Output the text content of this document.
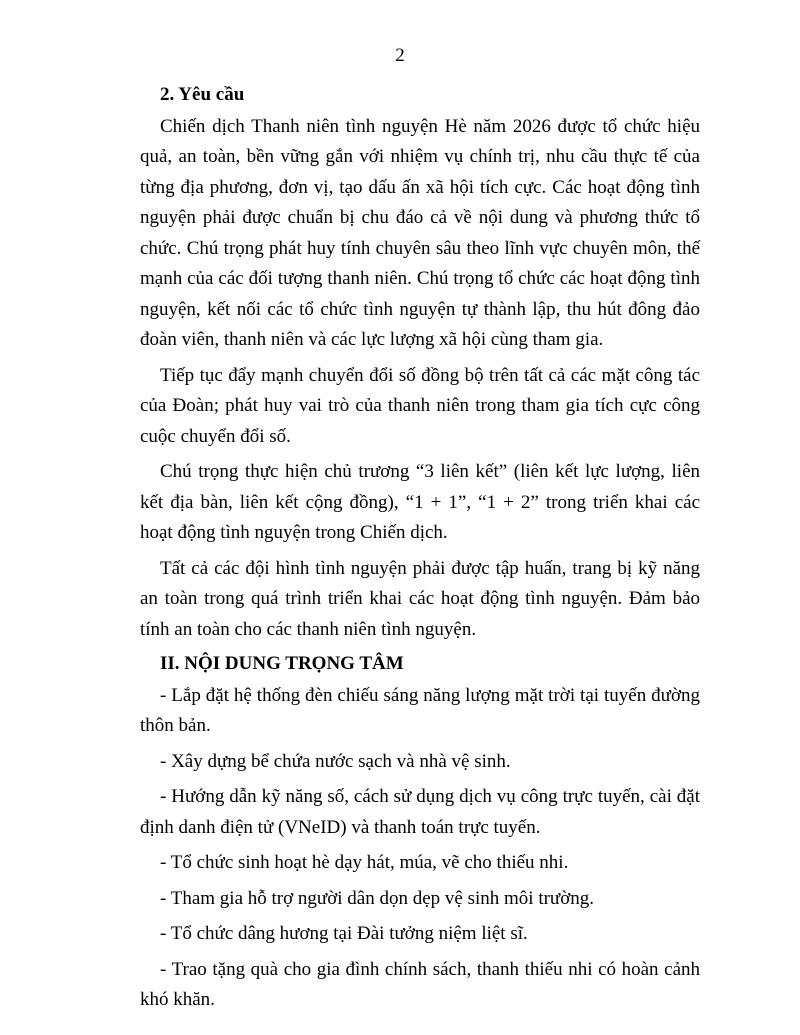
2

2. Yêu cầu

Chiến dịch Thanh niên tình nguyện Hè năm 2026 được tổ chức hiệu quả, an toàn, bền vững gắn với nhiệm vụ chính trị, nhu cầu thực tế của từng địa phương, đơn vị, tạo dấu ấn xã hội tích cực. Các hoạt động tình nguyện phải được chuẩn bị chu đáo cả về nội dung và phương thức tổ chức. Chú trọng phát huy tính chuyên sâu theo lĩnh vực chuyên môn, thế mạnh của các đối tượng thanh niên. Chú trọng tổ chức các hoạt động tình nguyện, kết nối các tổ chức tình nguyện tự thành lập, thu hút đông đảo đoàn viên, thanh niên và các lực lượng xã hội cùng tham gia.

Tiếp tục đẩy mạnh chuyển đổi số đồng bộ trên tất cả các mặt công tác của Đoàn; phát huy vai trò của thanh niên trong tham gia tích cực công cuộc chuyển đổi số.

Chú trọng thực hiện chủ trương “3 liên kết” (liên kết lực lượng, liên kết địa bàn, liên kết cộng đồng), “1 + 1”, “1 + 2” trong triển khai các hoạt động tình nguyện trong Chiến dịch.

Tất cả các đội hình tình nguyện phải được tập huấn, trang bị kỹ năng an toàn trong quá trình triển khai các hoạt động tình nguyện. Đảm bảo tính an toàn cho các thanh niên tình nguyện.

II. NỘI DUNG TRỌNG TÂM

- Lắp đặt hệ thống đèn chiếu sáng năng lượng mặt trời tại tuyến đường thôn bản.

- Xây dựng bể chứa nước sạch và nhà vệ sinh.

- Hướng dẫn kỹ năng số, cách sử dụng dịch vụ công trực tuyến, cài đặt định danh điện tử (VNeID) và thanh toán trực tuyến.

- Tổ chức sinh hoạt hè dạy hát, múa, vẽ cho thiếu nhi.

- Tham gia hỗ trợ người dân dọn dẹp vệ sinh môi trường.

- Tổ chức dâng hương tại Đài tưởng niệm liệt sĩ.

- Trao tặng quà cho gia đình chính sách, thanh thiếu nhi có hoàn cảnh khó khăn.
